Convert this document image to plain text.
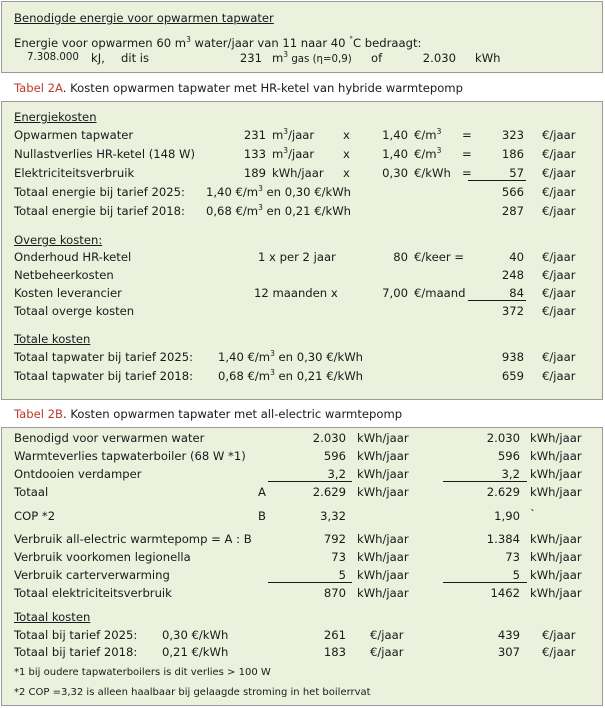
Benodigde energie voor opwarmen tapwater
Energie voor opwarmen 60 $m^3$ water/jaar van 11 naar 40 °C bedraagt:
7.308.000 kJ, dit is	231 $m^3$ gas (η=0,9) of	2.030 kWh
Tabel 2A. Kosten opwarmen tapwater met HR-ketel van hybride warmtepomp
Energiekosten
Opwarmen tapwater	231 $m^3$/jaar x	1,40 $€/m^3$ =	323 €/jaar
Nullastverlies HR-ketel (148 W)	133 $m^3$/jaar x	1,40 $€/m^3$ =	186 €/jaar
Elektriciteitsverbruik	189 kWh/jaar x	0,30 €/kWh =	57 €/jaar
Totaal energie bij tarief 2025: 1,40 $€/m^3$ en 0,30 €/kWh	566 €/jaar
Totaal energie bij tarief 2018: 0,68 $€/m^3$ en 0,21 €/kWh	287 €/jaar
Overge kosten:
Onderhoud HR-ketel	1 x per 2 jaar	80 €/keer =	40 €/jaar
Netbeheerkosten	248 €/jaar
Kosten leverancier	12 maanden x	7,00 €/maand	84 €/jaar
Totaal overge kosten	372 €/jaar
Totale kosten
Totaal tapwater bij tarief 2025: 1,40 $€/m^3$ en 0,30 €/kWh	938 €/jaar
Totaal tapwater bij tarief 2018: 0,68 $€/m^3$ en 0,21 €/kWh	659 €/jaar
Tabel 2B. Kosten opwarmen tapwater met all-electric warmtepomp
Benodigd voor verwarmen water	2.030 kWh/jaar	2.030 kWh/jaar
Warmteverlies tapwaterboiler (68 W *1)	596 kWh/jaar	596 kWh/jaar
Ontdooien verdamper	3,2 kWh/jaar	3,2 kWh/jaar
Totaal	A	2.629 kWh/jaar	2.629 kWh/jaar
COP *2	B	3,32	1,90 `
Verbruik all-electric warmtepomp = A : B	792 kWh/jaar	1.384 kWh/jaar
Verbruik voorkomen legionella	73 kWh/jaar	73 kWh/jaar
Verbruik carterverwarming	5 kWh/jaar	5 kWh/jaar
Totaal elektriciteitsverbruik	870 kWh/jaar	1462 kWh/jaar
Totaal kosten
Totaal bij tarief 2025: 0,30 €/kWh	261 €/jaar	439 €/jaar
Totaal bij tarief 2018: 0,21 €/kWh	183 €/jaar	307 €/jaar
*1 bij oudere tapwaterboilers is dit verlies > 100 W
*2 COP =3,32 is alleen haalbaar bij gelaagde stroming in het boilerrvat
